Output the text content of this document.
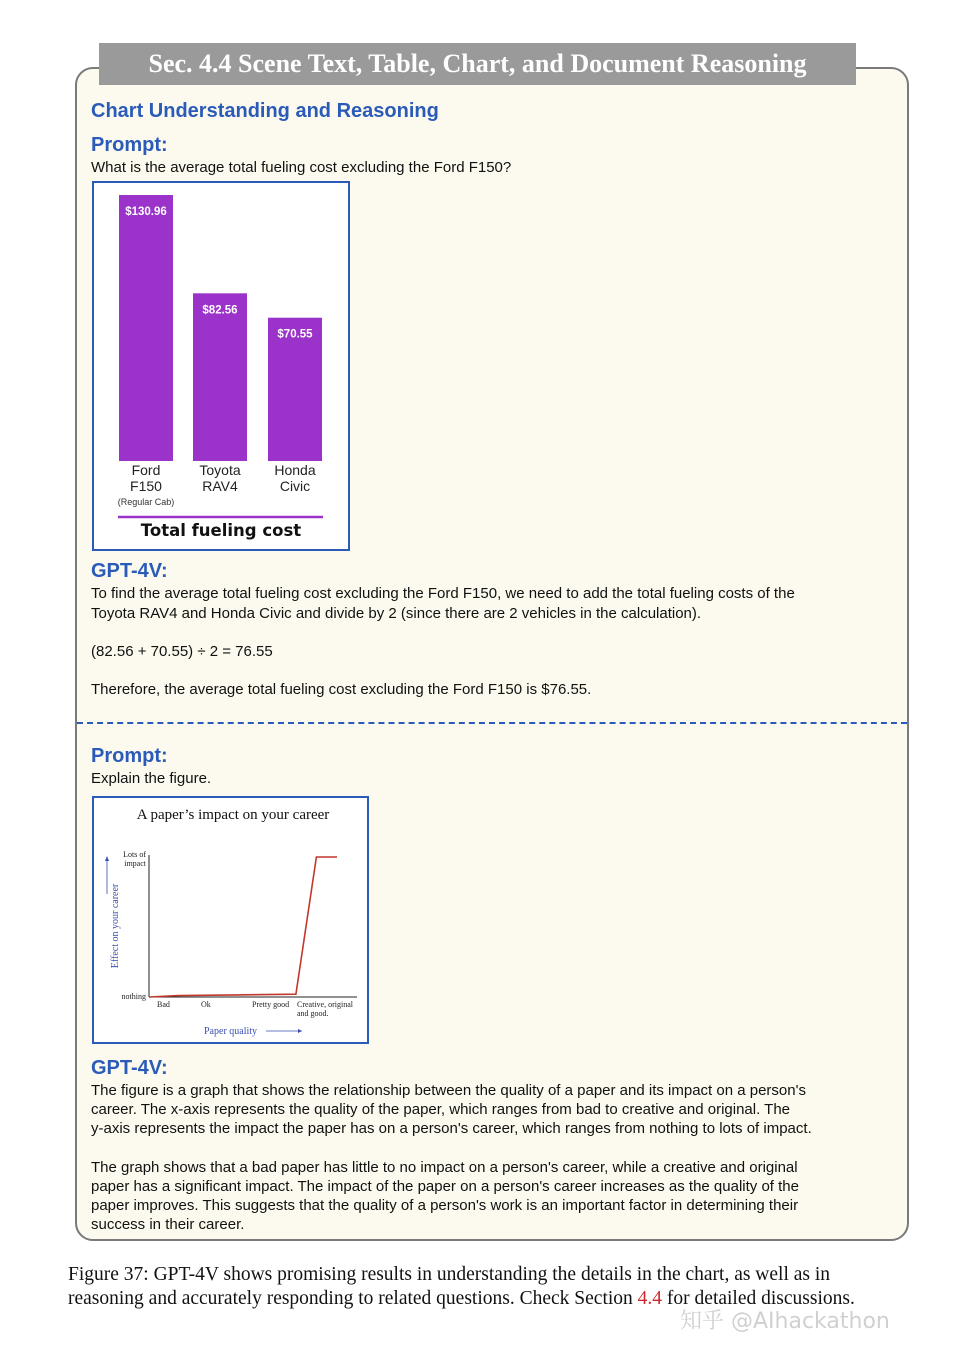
Sec. 4.4 Scene Text, Table, Chart, and Document Reasoning
Chart Understanding and Reasoning
Prompt:
What is the average total fueling cost excluding the Ford F150?
$130.96
Ford
F150
(Regular Cab)
$82.56
Toyota
RAV4
$70.55
Honda
Civic
Total fueling cost
GPT-4V:
To find the average total fueling cost excluding the Ford F150, we need to add the total fueling costs of the
Toyota RAV4 and Honda Civic and divide by 2 (since there are 2 vehicles in the calculation).
(82.56 + 70.55) ÷ 2 = 76.55
Therefore, the average total fueling cost excluding the Ford F150 is $76.55.
Prompt:
Explain the figure.
A paper’s impact on your career
nothing
Lots of
impact
Bad	Ok	Pretty good Creative, original
and good.
Paper quality
Effect on your career
GPT-4V:
The figure is a graph that shows the relationship between the quality of a paper and its impact on a person's
career. The x-axis represents the quality of the paper, which ranges from bad to creative and original. The
y-axis represents the impact the paper has on a person's career, which ranges from nothing to lots of impact.
The graph shows that a bad paper has little to no impact on a person's career, while a creative and original
paper has a significant impact. The impact of the paper on a person's career increases as the quality of the
paper improves. This suggests that the quality of a person's work is an important factor in determining their
success in their career.
Figure 37: GPT-4V shows promising results in understanding the details in the chart, as well as in
reasoning and accurately responding to related questions. Check Section 4.4 for detailed discussions.
知乎 @AIhackathon
